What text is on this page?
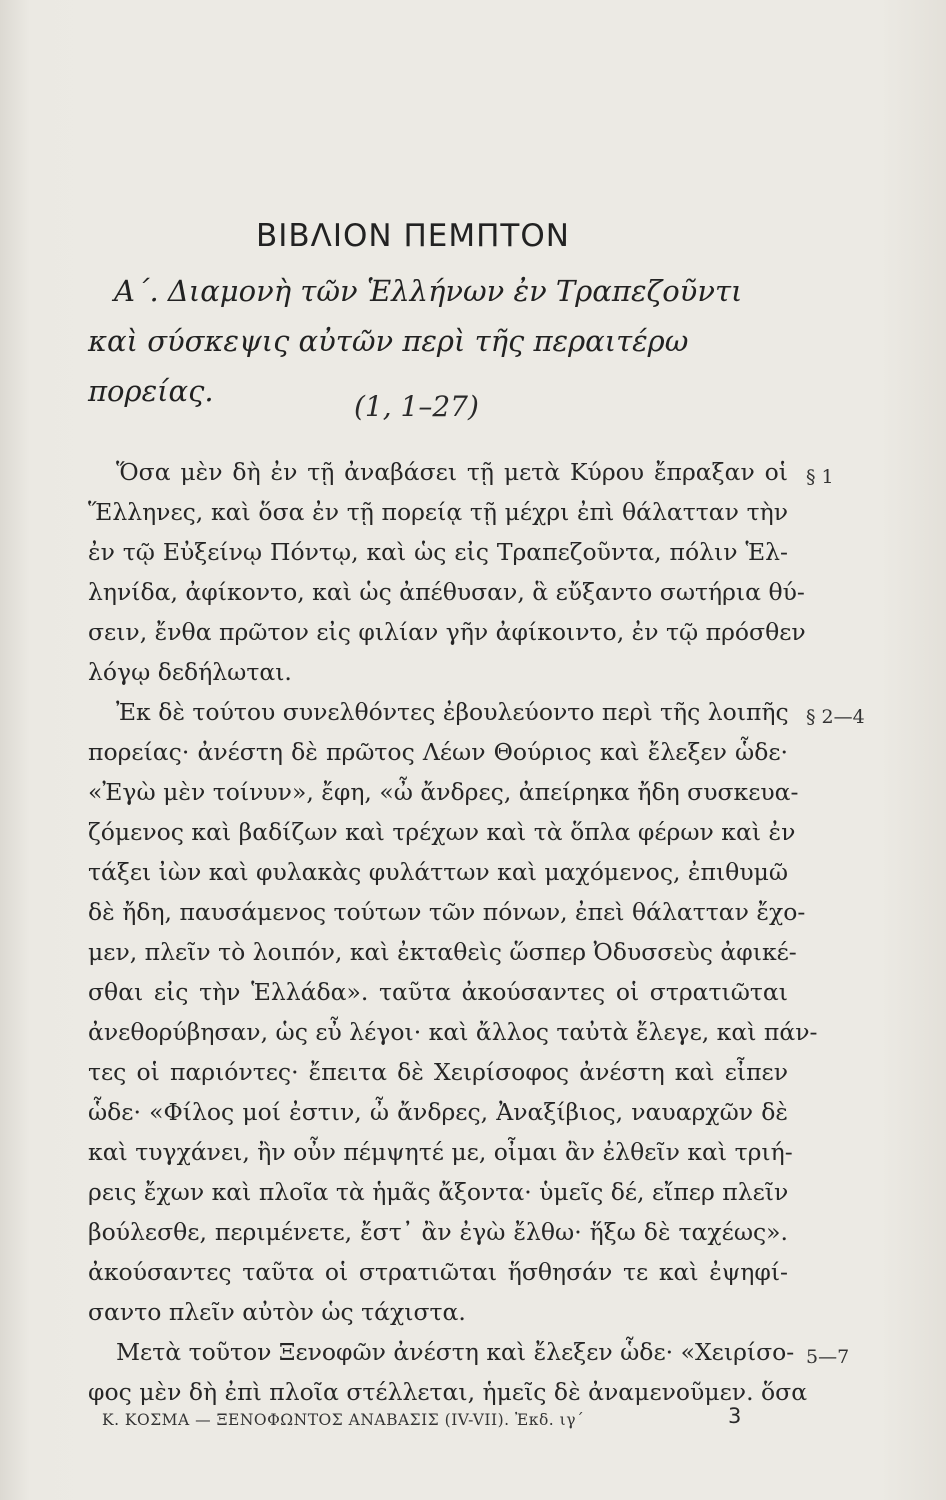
ΒΙΒΛΙΟΝ ΠΕΜΠΤΟΝ
Α΄. Διαμονὴ τῶν Ἑλλήνων ἐν Τραπεζοῦντι
καὶ σύσκεψις αὐτῶν περὶ τῆς περαιτέρω πορείας.	(1, 1–27)
Ὅσα μὲν δὴ ἐν τῇ ἀναβάσει τῇ μετὰ Κύρου ἔπραξαν οἱ
Ἕλληνες, καὶ ὅσα ἐν τῇ πορείᾳ τῇ μέχρι ἐπὶ θάλατταν τὴν
ἐν τῷ Εὐξείνῳ Πόντῳ, καὶ ὡς εἰς Τραπεζοῦντα, πόλιν Ἑλ-
ληνίδα, ἀφίκοντο, καὶ ὡς ἀπέθυσαν, ἃ εὔξαντο σωτήρια θύ-
σειν, ἔνθα πρῶτον εἰς φιλίαν γῆν ἀφίκοιντο, ἐν τῷ πρόσθεν
λόγῳ δεδήλωται.
Ἐκ δὲ τούτου συνελθόντες ἐβουλεύοντο περὶ τῆς λοιπῆς
πορείας· ἀνέστη δὲ πρῶτος Λέων Θούριος καὶ ἔλεξεν ὧδε·
«Ἐγὼ μὲν τοίνυν», ἔφη, «ὦ ἄνδρες, ἀπείρηκα ἤδη συσκευα-
ζόμενος καὶ βαδίζων καὶ τρέχων καὶ τὰ ὅπλα φέρων καὶ ἐν
τάξει ἰὼν καὶ φυλακὰς φυλάττων καὶ μαχόμενος, ἐπιθυμῶ
δὲ ἤδη, παυσάμενος τούτων τῶν πόνων, ἐπεὶ θάλατταν ἔχο-
μεν, πλεῖν τὸ λοιπόν, καὶ ἐκταθεὶς ὥσπερ Ὀδυσσεὺς ἀφικέ-
σθαι εἰς τὴν Ἑλλάδα». ταῦτα ἀκούσαντες οἱ στρατιῶται
ἀνεθορύβησαν, ὡς εὖ λέγοι· καὶ ἄλλος ταὐτὰ ἔλεγε, καὶ πάν-
τες οἱ παριόντες· ἔπειτα δὲ Χειρίσοφος ἀνέστη καὶ εἶπεν
ὧδε· «Φίλος μοί ἐστιν, ὦ ἄνδρες, Ἀναξίβιος, ναυαρχῶν δὲ
καὶ τυγχάνει, ἢν οὖν πέμψητέ με, οἶμαι ἂν ἐλθεῖν καὶ τριή-
ρεις ἔχων καὶ πλοῖα τὰ ἡμᾶς ἄξοντα· ὑμεῖς δέ, εἴπερ πλεῖν
βούλεσθε, περιμένετε, ἔστ᾽ ἂν ἐγὼ ἔλθω· ἥξω δὲ ταχέως».
ἀκούσαντες ταῦτα οἱ στρατιῶται ἥσθησάν τε καὶ ἐψηφί-
σαντο πλεῖν αὐτὸν ὡς τάχιστα.
Μετὰ τοῦτον Ξενοφῶν ἀνέστη καὶ ἔλεξεν ὧδε· «Χειρίσο-
φος μὲν δὴ ἐπὶ πλοῖα στέλλεται, ἡμεῖς δὲ ἀναμενοῦμεν. ὅσα
§ 1
§ 2—4
5—7
Κ. ΚΟΣΜΑ — ΞΕΝΟΦΩΝΤΟΣ ΑΝΑΒΑΣΙΣ (IV-VII). Ἐκδ. ιγ΄	3
